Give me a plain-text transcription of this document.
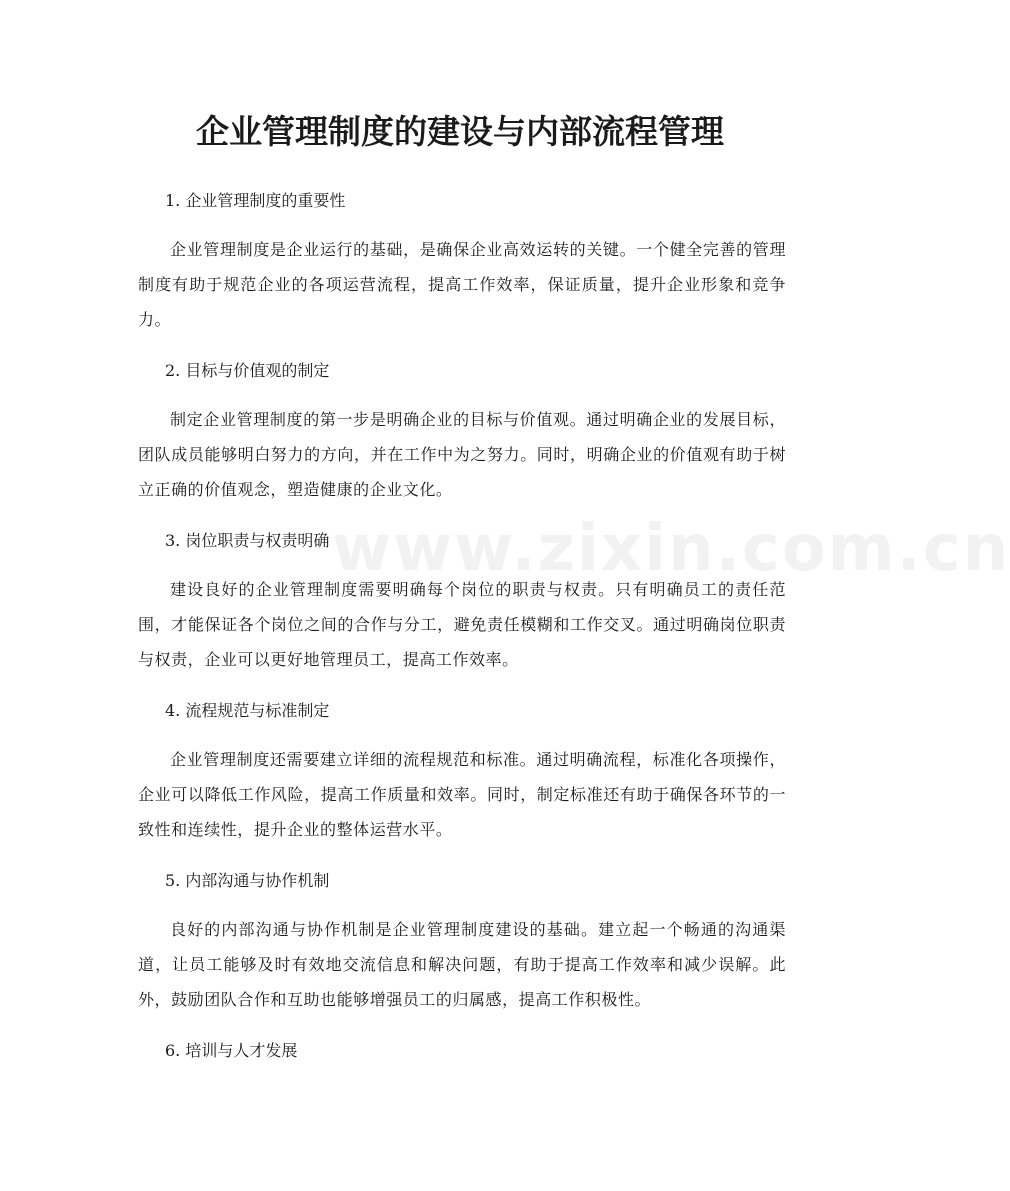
企业管理制度的建设与内部流程管理
www.zixin.com.cn
1. 企业管理制度的重要性

企业管理制度是企业运行的基础，是确保企业高效运转的关键。一个健全完善的管理制度有助于规范企业的各项运营流程，提高工作效率，保证质量，提升企业形象和竞争力。

2. 目标与价值观的制定

制定企业管理制度的第一步是明确企业的目标与价值观。通过明确企业的发展目标，团队成员能够明白努力的方向，并在工作中为之努力。同时，明确企业的价值观有助于树立正确的价值观念，塑造健康的企业文化。

3. 岗位职责与权责明确

建设良好的企业管理制度需要明确每个岗位的职责与权责。只有明确员工的责任范围，才能保证各个岗位之间的合作与分工，避免责任模糊和工作交叉。通过明确岗位职责与权责，企业可以更好地管理员工，提高工作效率。

4. 流程规范与标准制定

企业管理制度还需要建立详细的流程规范和标准。通过明确流程，标准化各项操作，企业可以降低工作风险，提高工作质量和效率。同时，制定标准还有助于确保各环节的一致性和连续性，提升企业的整体运营水平。

5. 内部沟通与协作机制

良好的内部沟通与协作机制是企业管理制度建设的基础。建立起一个畅通的沟通渠道，让员工能够及时有效地交流信息和解决问题，有助于提高工作效率和减少误解。此外，鼓励团队合作和互助也能够增强员工的归属感，提高工作积极性。

6. 培训与人才发展
